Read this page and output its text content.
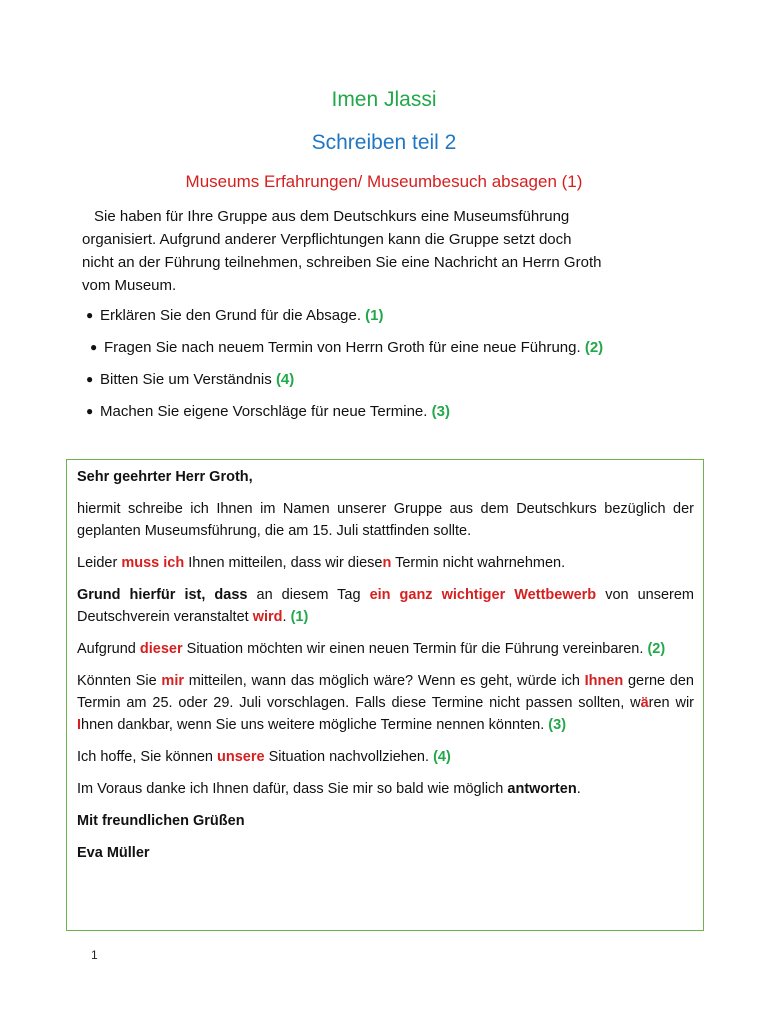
Imen Jlassi
Schreiben teil 2
Museums Erfahrungen/ Museumbesuch absagen (1)
Sie haben für Ihre Gruppe aus dem Deutschkurs eine Museumsführung
organisiert. Aufgrund anderer Verpflichtungen kann die Gruppe setzt doch
nicht an der Führung teilnehmen, schreiben Sie eine Nachricht an Herrn Groth
vom Museum.
● Erklären Sie den Grund für die Absage. (1)
● Fragen Sie nach neuem Termin von Herrn Groth für eine neue Führung. (2)
● Bitten Sie um Verständnis (4)
● Machen Sie eigene Vorschläge für neue Termine. (3)

Sehr geehrter Herr Groth,

hiermit schreibe ich Ihnen im Namen unserer Gruppe aus dem Deutschkurs bezüglich der geplanten Museumsführung, die am 15. Juli stattfinden sollte.

Leider muss ich Ihnen mitteilen, dass wir diesen Termin nicht wahrnehmen.

Grund hierfür ist, dass an diesem Tag ein ganz wichtiger Wettbewerb von unserem Deutschverein veranstaltet wird. (1)

Aufgrund dieser Situation möchten wir einen neuen Termin für die Führung vereinbaren. (2)

Könnten Sie mir mitteilen, wann das möglich wäre? Wenn es geht, würde ich Ihnen gerne den Termin am 25. oder 29. Juli vorschlagen. Falls diese Termine nicht passen sollten, wären wir Ihnen dankbar, wenn Sie uns weitere mögliche Termine nennen könnten. (3)

Ich hoffe, Sie können unsere Situation nachvollziehen. (4)

Im Voraus danke ich Ihnen dafür, dass Sie mir so bald wie möglich antworten.

Mit freundlichen Grüßen

Eva Müller

1
